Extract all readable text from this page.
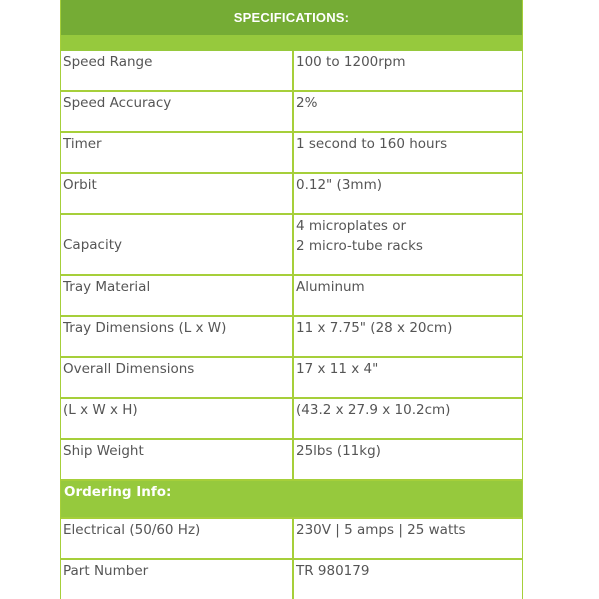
SPECIFICATIONS:
Speed Range	100 to 1200rpm

Speed Accuracy	2%

Timer	1 second to 160 hours

Orbit	0.12" (3mm)

Capacity	4 microplates or
2 micro-tube racks

Tray Material	Aluminum

Tray Dimensions (L x W)	11 x 7.75" (28 x 20cm)

Overall Dimensions	17 x 11 x 4"

(L x W x H)	(43.2 x 27.9 x 10.2cm)

Ship Weight	25lbs (11kg)
Ordering Info:
Electrical (50/60 Hz)	230V | 5 amps | 25 watts

Part Number	TR 980179
